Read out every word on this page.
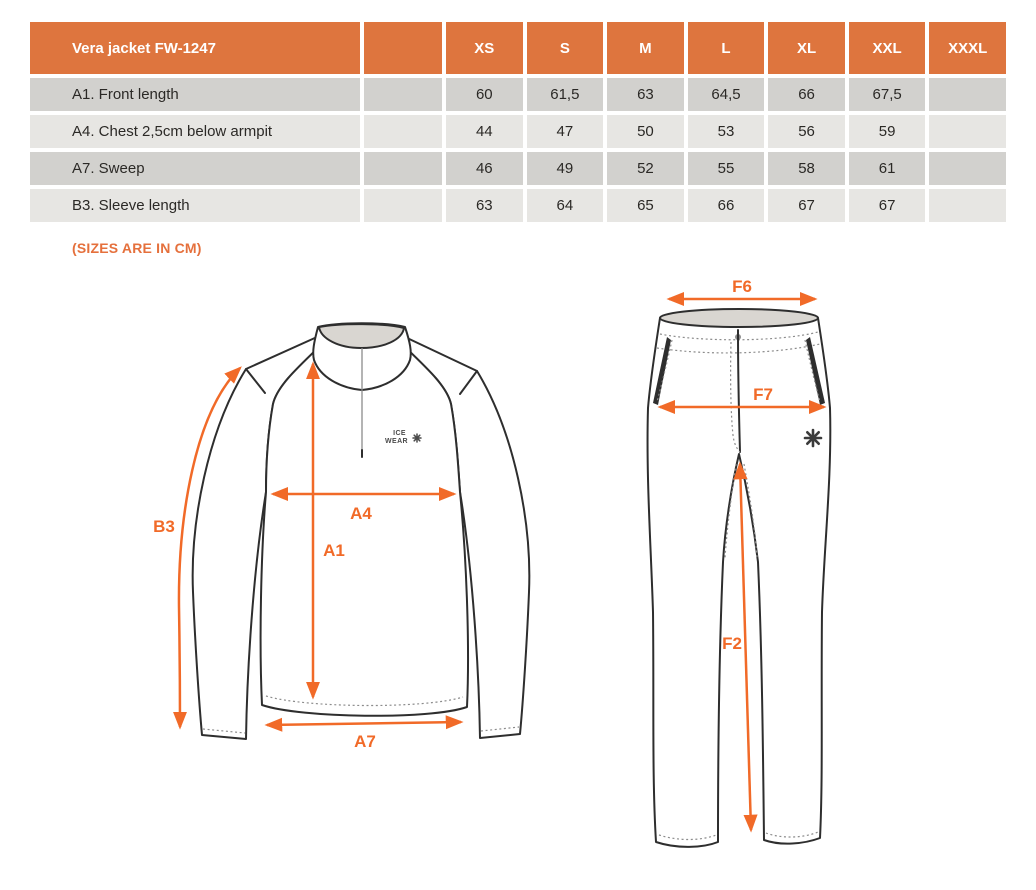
Vera jacket FW-1247	XS	S	M	L	XL	XXL	XXXL
A1. Front length	60	61,5	63	64,5	66	67,5
A4. Chest 2,5cm below armpit	44	47	50	53	56	59
A7. Sweep	46	49	52	55	58	61
B3. Sleeve length	63	64	65	66	67	67
(SIZES ARE IN CM)
ICE
WEAR
B3
A4
A1
A7
F6
F7
F2
